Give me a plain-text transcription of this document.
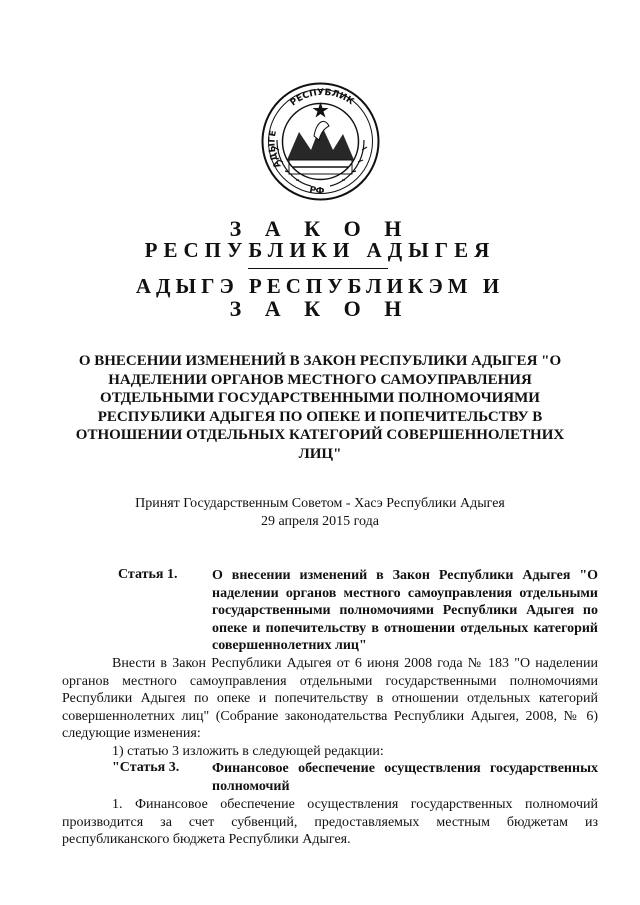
АДЫГЕ
РЕСПУБЛИК
РФ
З А К О Н
РЕСПУБЛИКИ АДЫГЕЯ
АДЫГЭ РЕСПУБЛИКЭМ И
З А К О Н
О ВНЕСЕНИИ ИЗМЕНЕНИЙ В ЗАКОН РЕСПУБЛИКИ АДЫГЕЯ "О НАДЕЛЕНИИ ОРГАНОВ МЕСТНОГО САМОУПРАВЛЕНИЯ ОТДЕЛЬНЫМИ ГОСУДАРСТВЕННЫМИ ПОЛНОМОЧИЯМИ РЕСПУБЛИКИ АДЫГЕЯ ПО ОПЕКЕ И ПОПЕЧИТЕЛЬСТВУ В ОТНОШЕНИИ ОТДЕЛЬНЫХ КАТЕГОРИЙ СОВЕРШЕННОЛЕТНИХ ЛИЦ"
Принят Государственным Советом - Хасэ Республики Адыгея
29 апреля 2015 года
Статья 1. О внесении изменений в Закон Республики Адыгея "О наделении органов местного самоуправления отдельными государственными полномочиями Республики Адыгея по опеке и попечительству в отношении отдельных категорий совершеннолетних лиц"
Внести в Закон Республики Адыгея от 6 июня 2008 года № 183 "О наделении органов местного самоуправления отдельными государственными полномочиями Республики Адыгея по опеке и попечительству в отношении отдельных категорий совершеннолетних лиц" (Собрание законодательства Республики Адыгея, 2008, № 6) следующие изменения:
1) статью 3 изложить в следующей редакции:
"Статья 3. Финансовое обеспечение осуществления государственных полномочий
1. Финансовое обеспечение осуществления государственных полномочий производится за счет субвенций, предоставляемых местным бюджетам из республиканского бюджета Республики Адыгея.
